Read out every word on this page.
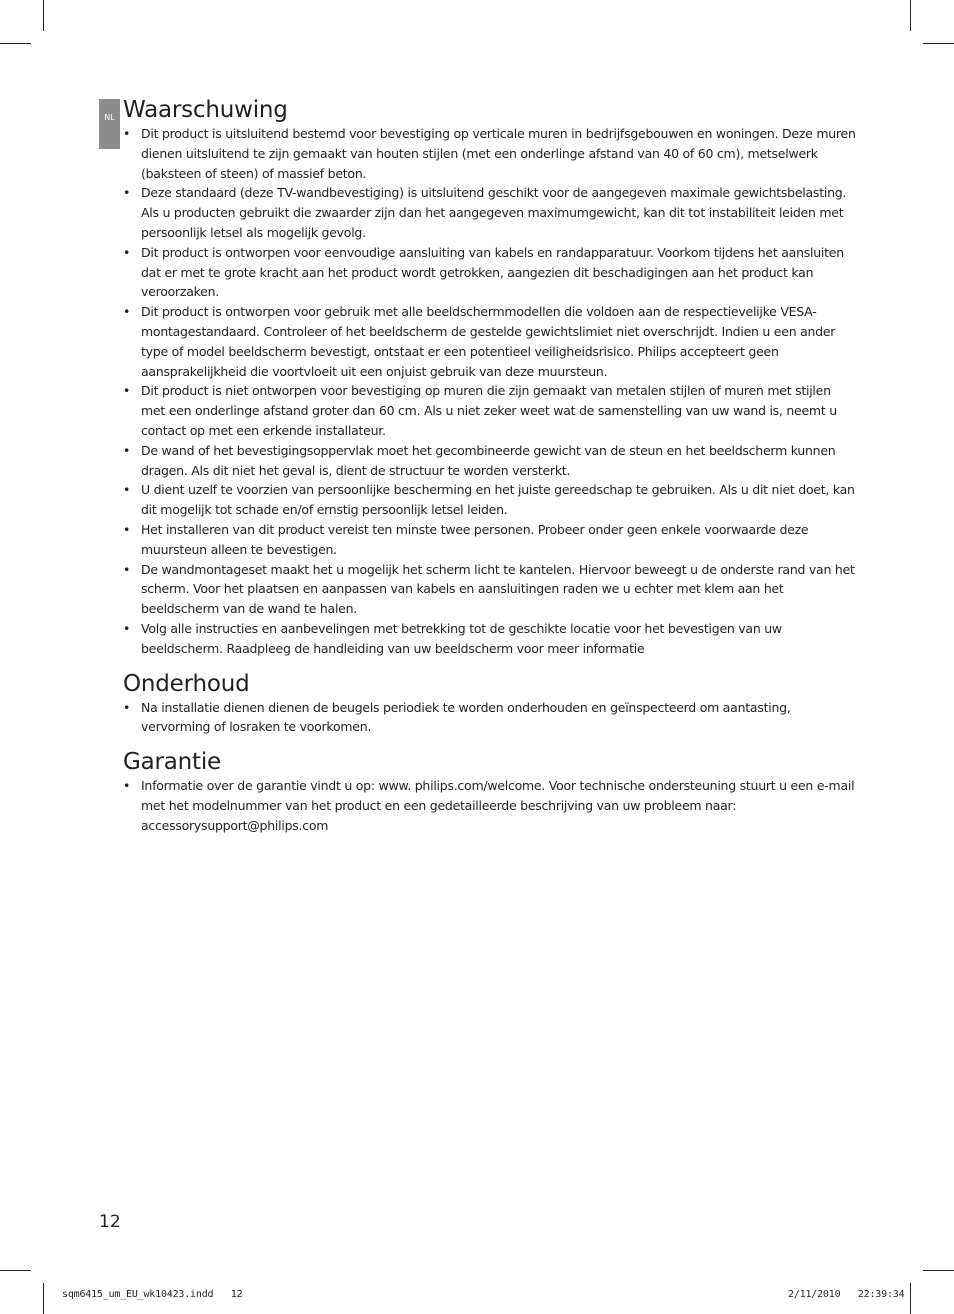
NL Waarschuwing
• Dit product is uitsluitend bestemd voor bevestiging op verticale muren in bedrijfsgebouwen en woningen. Deze muren dienen uitsluitend te zijn gemaakt van houten stijlen (met een onderlinge afstand van 40 of 60 cm), metselwerk (baksteen of steen) of massief beton.
• Deze standaard (deze TV-wandbevestiging) is uitsluitend geschikt voor de aangegeven maximale gewichtsbelasting. Als u producten gebruikt die zwaarder zijn dan het aangegeven maximumgewicht, kan dit tot instabiliteit leiden met persoonlijk letsel als mogelijk gevolg.
• Dit product is ontworpen voor eenvoudige aansluiting van kabels en randapparatuur. Voorkom tijdens het aansluiten dat er met te grote kracht aan het product wordt getrokken, aangezien dit beschadigingen aan het product kan veroorzaken.
• Dit product is ontworpen voor gebruik met alle beeldschermmodellen die voldoen aan de respectievelijke VESA-montagestandaard. Controleer of het beeldscherm de gestelde gewichtslimiet niet overschrijdt. Indien u een ander type of model beeldscherm bevestigt, ontstaat er een potentieel veiligheidsrisico. Philips accepteert geen aansprakelijkheid die voortvloeit uit een onjuist gebruik van deze muursteun.
• Dit product is niet ontworpen voor bevestiging op muren die zijn gemaakt van metalen stijlen of muren met stijlen met een onderlinge afstand groter dan 60 cm. Als u niet zeker weet wat de samenstelling van uw wand is, neemt u contact op met een erkende installateur.
• De wand of het bevestigingsoppervlak moet het gecombineerde gewicht van de steun en het beeldscherm kunnen dragen. Als dit niet het geval is, dient de structuur te worden versterkt.
• U dient uzelf te voorzien van persoonlijke bescherming en het juiste gereedschap te gebruiken. Als u dit niet doet, kan dit mogelijk tot schade en/of ernstig persoonlijk letsel leiden.
• Het installeren van dit product vereist ten minste twee personen. Probeer onder geen enkele voorwaarde deze muursteun alleen te bevestigen.
• De wandmontageset maakt het u mogelijk het scherm licht te kantelen. Hiervoor beweegt u de onderste rand van het scherm. Voor het plaatsen en aanpassen van kabels en aansluitingen raden we u echter met klem aan het beeldscherm van de wand te halen.
• Volg alle instructies en aanbevelingen met betrekking tot de geschikte locatie voor het bevestigen van uw beeldscherm. Raadpleeg de handleiding van uw beeldscherm voor meer informatie
Onderhoud
• Na installatie dienen dienen de beugels periodiek te worden onderhouden en geïnspecteerd om aantasting, vervorming of losraken te voorkomen.
Garantie
• Informatie over de garantie vindt u op: www. philips.com/welcome. Voor technische ondersteuning stuurt u een e-mail met het modelnummer van het product en een gedetailleerde beschrijving van uw probleem naar: accessorysupport@philips.com
12
sqm6415_um_EU_wk10423.indd   12	2/11/2010   22:39:34
